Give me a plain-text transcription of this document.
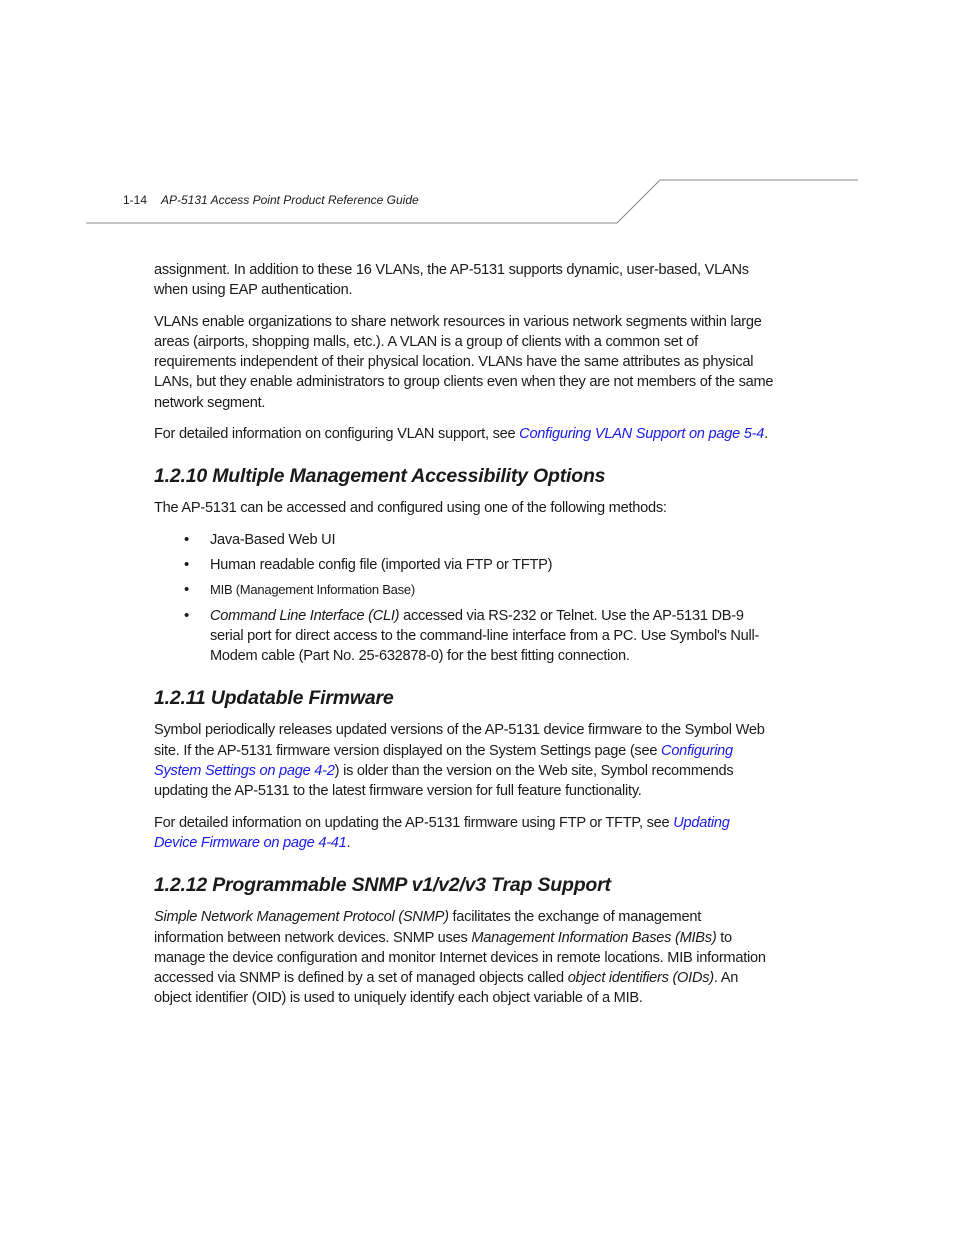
1-14 AP-5131 Access Point Product Reference Guide

assignment. In addition to these 16 VLANs, the AP-5131 supports dynamic, user-based, VLANs when using EAP authentication.

VLANs enable organizations to share network resources in various network segments within large areas (airports, shopping malls, etc.). A VLAN is a group of clients with a common set of requirements independent of their physical location. VLANs have the same attributes as physical LANs, but they enable administrators to group clients even when they are not members of the same network segment.

For detailed information on configuring VLAN support, see Configuring VLAN Support on page 5-4.

1.2.10 Multiple Management Accessibility Options

The AP-5131 can be accessed and configured using one of the following methods:

• Java-Based Web UI
• Human readable config file (imported via FTP or TFTP)
• MIB (Management Information Base)
• Command Line Interface (CLI) accessed via RS-232 or Telnet. Use the AP-5131 DB-9 serial port for direct access to the command-line interface from a PC. Use Symbol's Null-Modem cable (Part No. 25-632878-0) for the best fitting connection.
1.2.11 Updatable Firmware

Symbol periodically releases updated versions of the AP-5131 device firmware to the Symbol Web site. If the AP-5131 firmware version displayed on the System Settings page (see Configuring System Settings on page 4-2) is older than the version on the Web site, Symbol recommends updating the AP-5131 to the latest firmware version for full feature functionality.

For detailed information on updating the AP-5131 firmware using FTP or TFTP, see Updating Device Firmware on page 4-41.

1.2.12 Programmable SNMP v1/v2/v3 Trap Support

Simple Network Management Protocol (SNMP) facilitates the exchange of management information between network devices. SNMP uses Management Information Bases (MIBs) to manage the device configuration and monitor Internet devices in remote locations. MIB information accessed via SNMP is defined by a set of managed objects called object identifiers (OIDs). An object identifier (OID) is used to uniquely identify each object variable of a MIB.
